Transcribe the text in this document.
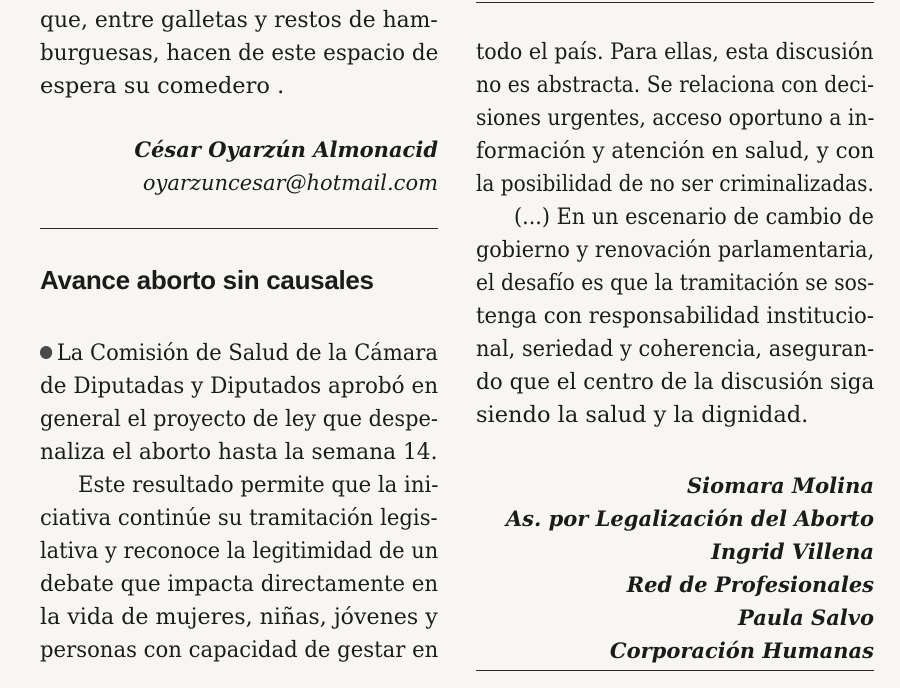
que, entre galletas y restos de ham-
burguesas, hacen de este espacio de
espera su comedero .
César Oyarzún Almonacid
oyarzuncesar@hotmail.com
Avance aborto sin causales
La Comisión de Salud de la Cámara
de Diputadas y Diputados aprobó en
general el proyecto de ley que despe-
naliza el aborto hasta la semana 14.
Este resultado permite que la ini-
ciativa continúe su tramitación legis-
lativa y reconoce la legitimidad de un
debate que impacta directamente en
la vida de mujeres, niñas, jóvenes y
personas con capacidad de gestar en
todo el país. Para ellas, esta discusión
no es abstracta. Se relaciona con deci-
siones urgentes, acceso oportuno a in-
formación y atención en salud, y con
la posibilidad de no ser criminalizadas.
(...) En un escenario de cambio de
gobierno y renovación parlamentaria,
el desafío es que la tramitación se sos-
tenga con responsabilidad institucio-
nal, seriedad y coherencia, aseguran-
do que el centro de la discusión siga
siendo la salud y la dignidad.
Siomara Molina
As. por Legalización del Aborto
Ingrid Villena
Red de Profesionales
Paula Salvo
Corporación Humanas
